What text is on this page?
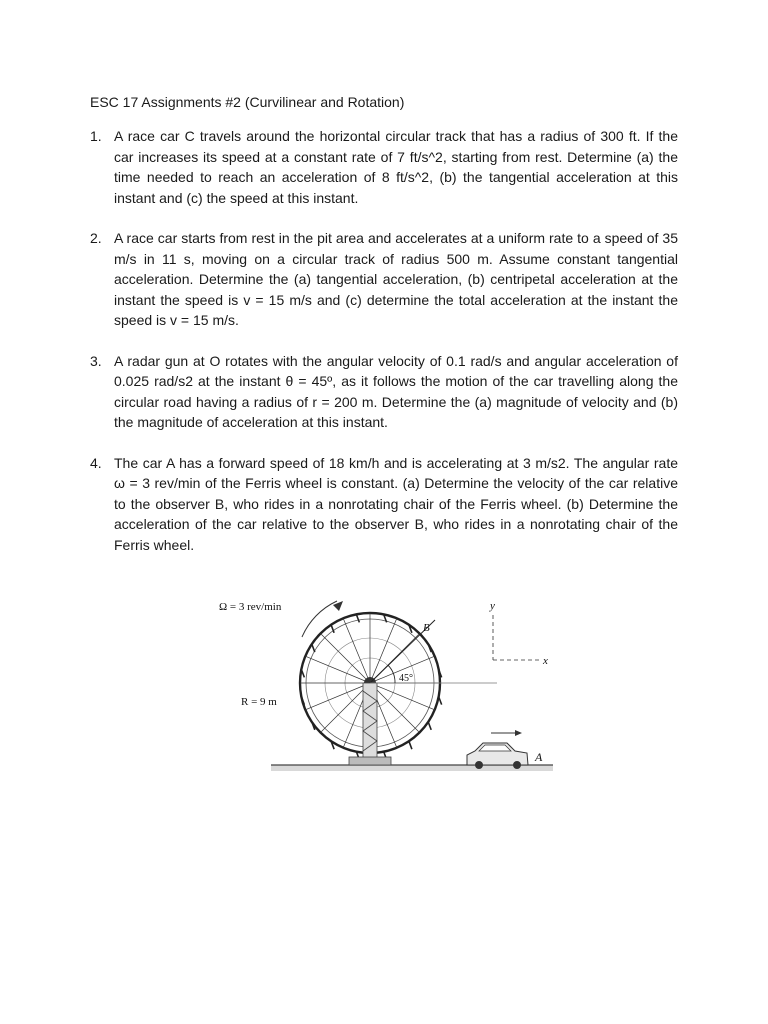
ESC 17 Assignments #2 (Curvilinear and Rotation)
1. A race car C travels around the horizontal circular track that has a radius of 300 ft. If the car increases its speed at a constant rate of 7 ft/s^2, starting from rest. Determine (a) the time needed to reach an acceleration of 8 ft/s^2, (b) the tangential acceleration at this instant and (c) the speed at this instant.
2. A race car starts from rest in the pit area and accelerates at a uniform rate to a speed of 35 m/s in 11 s, moving on a circular track of radius 500 m. Assume constant tangential acceleration. Determine the (a) tangential acceleration, (b) centripetal acceleration at the instant the speed is v = 15 m/s and (c) determine the total acceleration at the instant the speed is v = 15 m/s.
3. A radar gun at O rotates with the angular velocity of 0.1 rad/s and angular acceleration of 0.025 rad/s2 at the instant θ = 45º, as it follows the motion of the car travelling along the circular road having a radius of r = 200 m. Determine the (a) magnitude of velocity and (b) the magnitude of acceleration at this instant.
4. The car A has a forward speed of 18 km/h and is accelerating at 3 m/s2. The angular rate ω = 3 rev/min of the Ferris wheel is constant. (a) Determine the velocity of the car relative to the observer B, who rides in a nonrotating chair of the Ferris wheel. (b) Determine the acceleration of the car relative to the observer B, who rides in a nonrotating chair of the Ferris wheel.
Ω = 3 rev/min
R = 9 m
45°
B
A
y
x
